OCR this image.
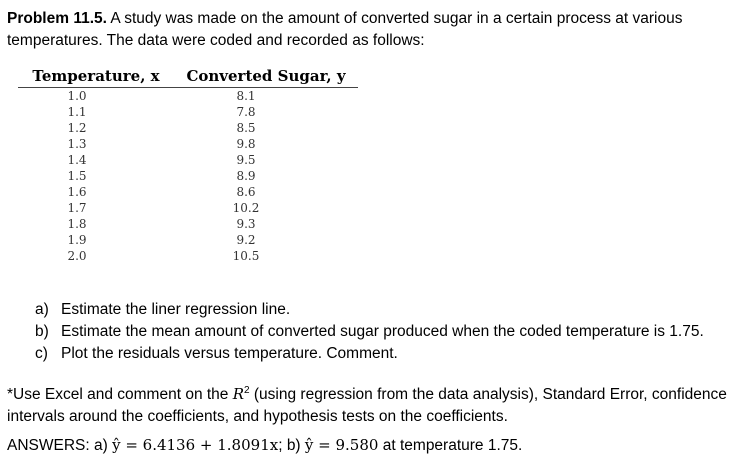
Problem 11.5. A study was made on the amount of converted sugar in a certain process at various temperatures. The data were coded and recorded as follows:
Temperature, x	Converted Sugar, y
1.0	8.1
1.1	7.8
1.2	8.5
1.3	9.8
1.4	9.5
1.5	8.9
1.6	8.6
1.7	10.2
1.8	9.3
1.9	9.2
2.0	10.5
a) Estimate the liner regression line.
b) Estimate the mean amount of converted sugar produced when the coded temperature is 1.75.
c) Plot the residuals versus temperature. Comment.
*Use Excel and comment on the $R^2$ (using regression from the data analysis), Standard Error, confidence intervals around the coefficients, and hypothesis tests on the coefficients.
ANSWERS: a) ŷ = 6.4136 + 1.8091x; b) ŷ = 9.580 at temperature 1.75.
